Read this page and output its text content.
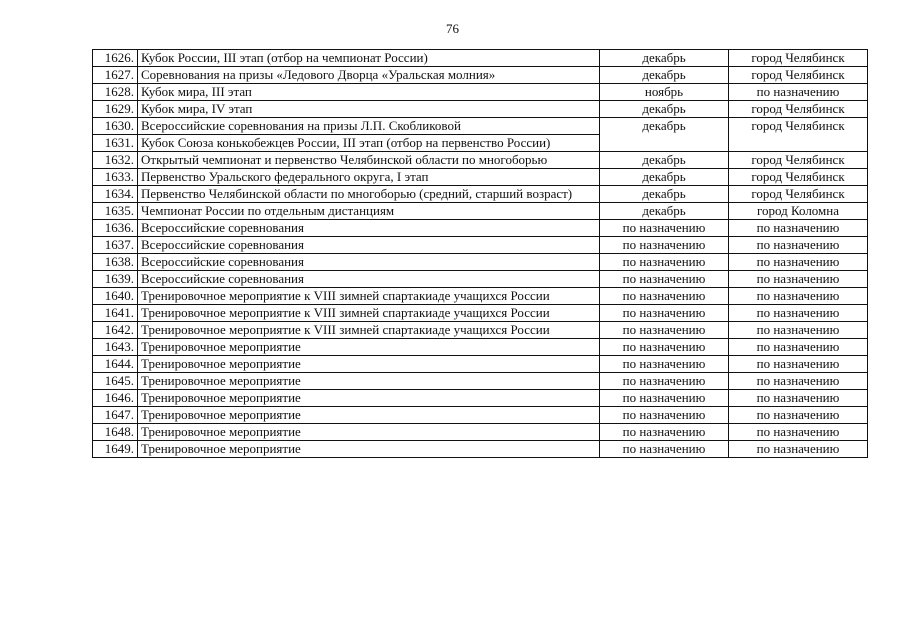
76
1626.	Кубок России, III этап (отбор на чемпионат России)	декабрь	город Челябинск
1627.	Соревнования на призы «Ледового Дворца «Уральская молния»	декабрь	город Челябинск
1628.	Кубок мира, III этап	ноябрь	по назначению
1629.	Кубок мира, IV этап	декабрь	город Челябинск
1630.	Всероссийские соревнования на призы Л.П. Скобликовой	декабрь	город Челябинск
1631.	Кубок Союза конькобежцев России, III этап (отбор на первенство России)		
1632.	Открытый чемпионат и первенство Челябинской области по многоборью	декабрь	город Челябинск
1633.	Первенство Уральского федерального округа, I этап	декабрь	город Челябинск
1634.	Первенство Челябинской области по многоборью (средний, старший возраст)	декабрь	город Челябинск
1635.	Чемпионат России по отдельным дистанциям	декабрь	город Коломна
1636.	Всероссийские соревнования	по назначению	по назначению
1637.	Всероссийские соревнования	по назначению	по назначению
1638.	Всероссийские соревнования	по назначению	по назначению
1639.	Всероссийские соревнования	по назначению	по назначению
1640.	Тренировочное мероприятие к VIII зимней спартакиаде учащихся России	по назначению	по назначению
1641.	Тренировочное мероприятие к VIII зимней спартакиаде учащихся России	по назначению	по назначению
1642.	Тренировочное мероприятие к VIII зимней спартакиаде учащихся России	по назначению	по назначению
1643.	Тренировочное мероприятие	по назначению	по назначению
1644.	Тренировочное мероприятие	по назначению	по назначению
1645.	Тренировочное мероприятие	по назначению	по назначению
1646.	Тренировочное мероприятие	по назначению	по назначению
1647.	Тренировочное мероприятие	по назначению	по назначению
1648.	Тренировочное мероприятие	по назначению	по назначению
1649.	Тренировочное мероприятие	по назначению	по назначению
